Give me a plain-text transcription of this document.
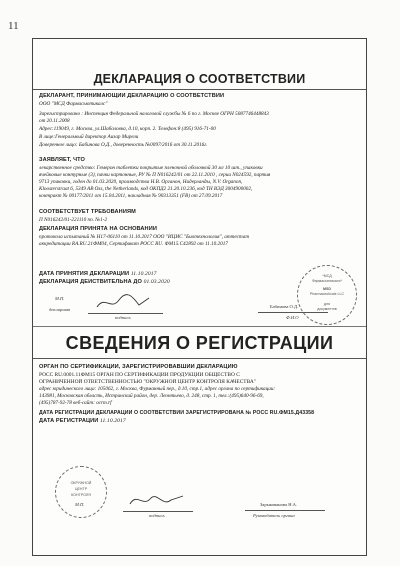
11
ДЕКЛАРАЦИЯ О СООТВЕТСТВИИ
ДЕКЛАРАНТ, ПРИНИМАЮЩИЙ ДЕКЛАРАЦИЮ О СООТВЕТСТВИИ
ООО "МСД Фармасьютикалс"
Зарегистрировано : Инспекция Федеральной налоговой службы № 6 по г. Москве ОГРН 5087746448843
от 20.11.2008
Адрес:119049, г. Москва, ул.Шаболовка, д.10, корп. 2. Телефон:8 (495) 916-71-00
В лице:Генеральный директор Аизар Мирели
Доверенное лицо: Бабинова О.Д., доверенность №0097/2016 от 30.11.2016г.
ЗАЯВЛЯЕТ, ЧТО
лекарственное средство: Гемерон таблетки покрытые пленочной оболочкой 30 мг 10 шт., упаковки
ячейковые контурные (3), пачки картонные, РУ № П N016242/01 от 22.11.2010 , серии N024592, партия
9713 упаковки, годен до 01.03.2020, производства Н.В. Органон, Нидерланды, N.V. Organon,
Kloosterstraat 6, 5349 AB Oss, the Netherlands, код ОКПД2 21.20.10.236, код ТН ВЭД 3004900002,
контракт № 00177/2011 от 15.04.2011, накладная № 90313351 (FB) от 27.09.2017
СООТВЕТСТВУЕТ ТРЕБОВАНИЯМ
П N016242/01-221110 пп. №1-2
ДЕКЛАРАЦИЯ ПРИНЯТА НА ОСНОВАНИИ
протокола испытаний № Н17-06110 от 11.10.2017 ООО "ИЦИС "Биотехнология", аттестат
аккредитации RA.RU.21ФМ04, Сертификат РОСС RU. ФМ15.C42892 от 11.10.2017
ДАТА ПРИНЯТИЯ ДЕКЛАРАЦИИ 11.10.2017
ДЕКЛАРАЦИЯ ДЕЙСТВИТЕЛЬНА ДО 01.03.2020
М.П.
декларант
подпись
Бабинова О.Д.
Ф.И.О
*МСД
Фармасьютикалс*
MSD
Pharmaceuticals LLC
для
документов
СВЕДЕНИЯ О РЕГИСТРАЦИИ
ОРГАН ПО СЕРТИФИКАЦИИ, ЗАРЕГИСТРИРОВАВШИЙ ДЕКЛАРАЦИЮ
РОСС RU.0001.11ФМ15 ОРГАН ПО СЕРТИФИКАЦИИ ПРОДУКЦИИ ОБЩЕСТВО С
ОГРАНИЧЕННОЙ ОТВЕТСТВЕННОСТЬЮ "ОКРУЖНОЙ ЦЕНТР КОНТРОЛЯ КАЧЕСТВА"
адрес юридического лица: 105062, г. Москва, Фурманный пер., д.10, стр.1, адрес органа по сертификации:
143981, Московская область, Истринский район, дер. Леонтьево, д. 248, стр. 1, тел.:(495)640-96-69,
(495)787-92-78 веб-сайт: ocrm.rf
ДАТА РЕГИСТРАЦИИ ДЕКЛАРАЦИИ О СООТВЕТСТВИИ ЗАРЕГИСТРИРОВАНА № РОСС RU.ФМ15.Д43358
ДАТА РЕГИСТРАЦИИ 11.10.2017
М.П.
ОКРУЖНОЙ
ЦЕНТР
КОНТРОЛЯ
подпись
Зарыкованова Н.А.
Руководитель органа
